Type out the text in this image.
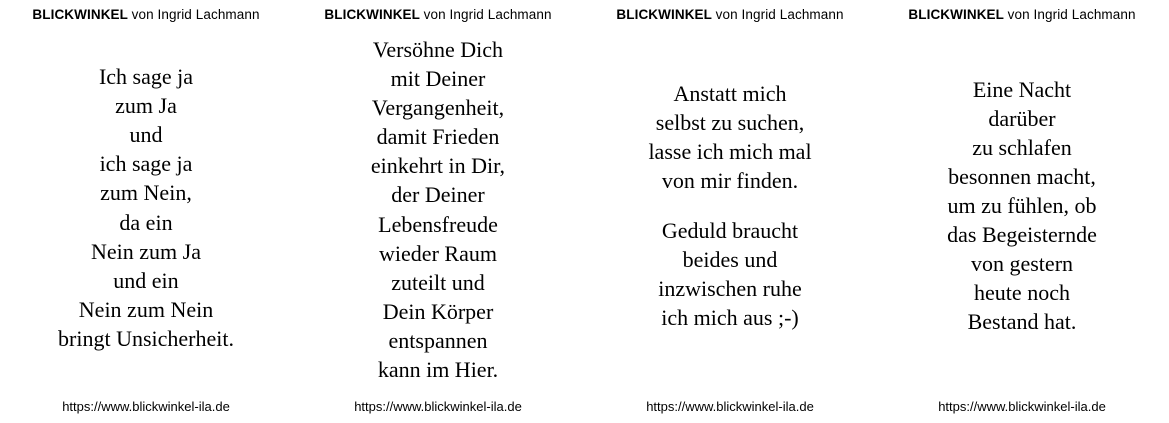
BLICKWINKEL von Ingrid Lachmann
Ich sage ja
zum Ja
und
ich sage ja
zum Nein,
da ein
Nein zum Ja
und ein
Nein zum Nein
bringt Unsicherheit.
https://www.blickwinkel-ila.de
BLICKWINKEL von Ingrid Lachmann
Versöhne Dich
mit Deiner
Vergangenheit,
damit Frieden
einkehrt in Dir,
der Deiner
Lebensfreude
wieder Raum
zuteilt und
Dein Körper
entspannen
kann im Hier.
https://www.blickwinkel-ila.de
BLICKWINKEL von Ingrid Lachmann
Anstatt mich
selbst zu suchen,
lasse ich mich mal
von mir finden.
Geduld braucht
beides und
inzwischen ruhe
ich mich aus ;-)
https://www.blickwinkel-ila.de
BLICKWINKEL von Ingrid Lachmann
Eine Nacht
darüber
zu schlafen
besonnen macht,
um zu fühlen, ob
das Begeisternde
von gestern
heute noch
Bestand hat.
https://www.blickwinkel-ila.de
